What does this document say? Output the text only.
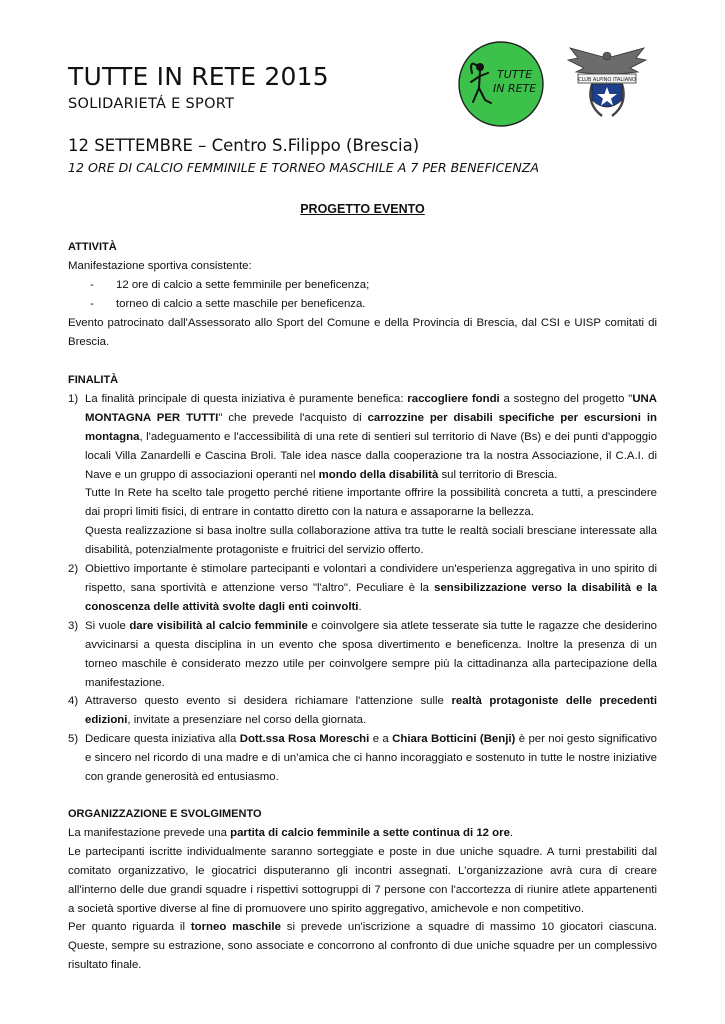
TUTTE IN RETE 2015
SOLIDARIETÁ E SPORT
TUTTE
IN RETE
CLUB ALPINO ITALIANO
12 SETTEMBRE – Centro S.Filippo (Brescia)
12 ORE DI CALCIO FEMMINILE E TORNEO MASCHILE A 7 PER BENEFICENZA
PROGETTO EVENTO

ATTIVITÀ

Manifestazione sportiva consistente:

- 12 ore di calcio a sette femminile per beneficenza;

- torneo di calcio a sette maschile per beneficenza.

Evento patrocinato dall'Assessorato allo Sport del Comune e della Provincia di Brescia, dal CSI e UISP comitati di Brescia.

FINALITÀ

1) La finalità principale di questa iniziativa è puramente benefica: raccogliere fondi a sostegno del progetto "UNA MONTAGNA PER TUTTI" che prevede l'acquisto di carrozzine per disabili specifiche per escursioni in montagna, l'adeguamento e l'accessibilità di una rete di sentieri sul territorio di Nave (Bs) e dei punti d'appoggio locali Villa Zanardelli e Cascina Broli. Tale idea nasce dalla cooperazione tra la nostra Associazione, il C.A.I. di Nave e un gruppo di associazioni operanti nel mondo della disabilità sul territorio di Brescia.

Tutte In Rete ha scelto tale progetto perché ritiene importante offrire la possibilità concreta a tutti, a prescindere dai propri limiti fisici, di entrare in contatto diretto con la natura e assaporarne la bellezza.

Questa realizzazione si basa inoltre sulla collaborazione attiva tra tutte le realtà sociali bresciane interessate alla disabilità, potenzialmente protagoniste e fruitrici del servizio offerto.

2) Obiettivo importante è stimolare partecipanti e volontari a condividere un'esperienza aggregativa in uno spirito di rispetto, sana sportività e attenzione verso "l'altro". Peculiare è la sensibilizzazione verso la disabilità e la conoscenza delle attività svolte dagli enti coinvolti.

3) Si vuole dare visibilità al calcio femminile e coinvolgere sia atlete tesserate sia tutte le ragazze che desiderino avvicinarsi a questa disciplina in un evento che sposa divertimento e beneficenza. Inoltre la presenza di un torneo maschile è considerato mezzo utile per coinvolgere sempre più la cittadinanza alla partecipazione della manifestazione.

4) Attraverso questo evento si desidera richiamare l'attenzione sulle realtà protagoniste delle precedenti edizioni, invitate a presenziare nel corso della giornata.

5) Dedicare questa iniziativa alla Dott.ssa Rosa Moreschi e a Chiara Botticini (Benji) è per noi gesto significativo e sincero nel ricordo di una madre e di un'amica che ci hanno incoraggiato e sostenuto in tutte le nostre iniziative con grande generosità ed entusiasmo.

ORGANIZZAZIONE E SVOLGIMENTO

La manifestazione prevede una partita di calcio femminile a sette continua di 12 ore.

Le partecipanti iscritte individualmente saranno sorteggiate e poste in due uniche squadre. A turni prestabiliti dal comitato organizzativo, le giocatrici disputeranno gli incontri assegnati. L'organizzazione avrà cura di creare all'interno delle due grandi squadre i rispettivi sottogruppi di 7 persone con l'accortezza di riunire atlete appartenenti a società sportive diverse al fine di promuovere uno spirito aggregativo, amichevole e non competitivo.

Per quanto riguarda il torneo maschile si prevede un'iscrizione a squadre di massimo 10 giocatori ciascuna. Queste, sempre su estrazione, sono associate e concorrono al confronto di due uniche squadre per un complessivo risultato finale.
